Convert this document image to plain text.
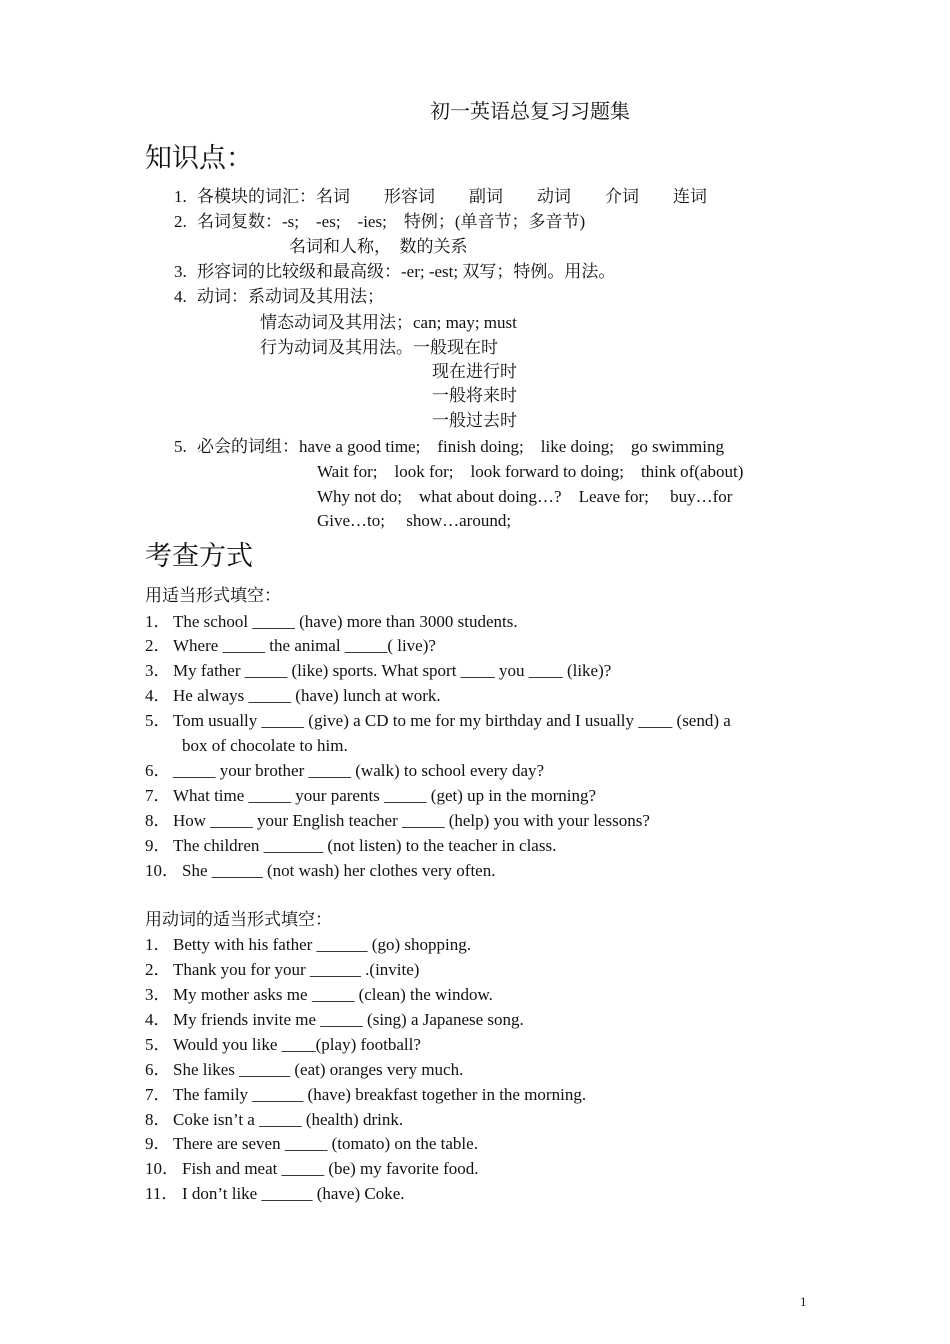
初一英语总复习习题集
知识点：
1. 各模块的词汇：名词　　形容词　　副词　　动词　　介词　　连词
2. 名词复数：-s;　-es;　-ies;　特例；(单音节；多音节)
名词和人称，　数的关系
3. 形容词的比较级和最高级：-er; -est; 双写；特例。用法。
4. 动词：系动词及其用法；
情态动词及其用法；can; may; must
行为动词及其用法。一般现在时
现在进行时
一般将来时
一般过去时
5. 必会的词组：have a good time;　finish doing;　like doing;　go swimming
Wait for;　look for;　look forward to doing;　think of(about)
Why not do;　what about doing…?　Leave for;　 buy…for
Give…to;　 show…around;
考查方式
用适当形式填空：
1． The school _____ (have) more than 3000 students.
2． Where _____ the animal _____( live)?
3． My father _____ (like) sports. What sport ____ you ____ (like)?
4． He always _____ (have) lunch at work.
5． Tom usually _____ (give) a CD to me for my birthday and I usually ____ (send) a
box of chocolate to him.
6． _____ your brother _____ (walk) to school every day?
7． What time _____ your parents _____ (get) up in the morning?
8． How _____ your English teacher _____ (help) you with your lessons?
9． The children _______ (not listen) to the teacher in class.
10． She ______ (not wash) her clothes very often.
用动词的适当形式填空：
1． Betty with his father ______ (go) shopping.
2． Thank you for your ______ .(invite)
3． My mother asks me _____ (clean) the window.
4． My friends invite me _____ (sing) a Japanese song.
5． Would you like ____(play) football?
6． She likes ______ (eat) oranges very much.
7． The family ______ (have) breakfast together in the morning.
8． Coke isn’t a _____ (health) drink.
9． There are seven _____ (tomato) on the table.
10． Fish and meat _____ (be) my favorite food.
11． I don’t like ______ (have) Coke.
1
